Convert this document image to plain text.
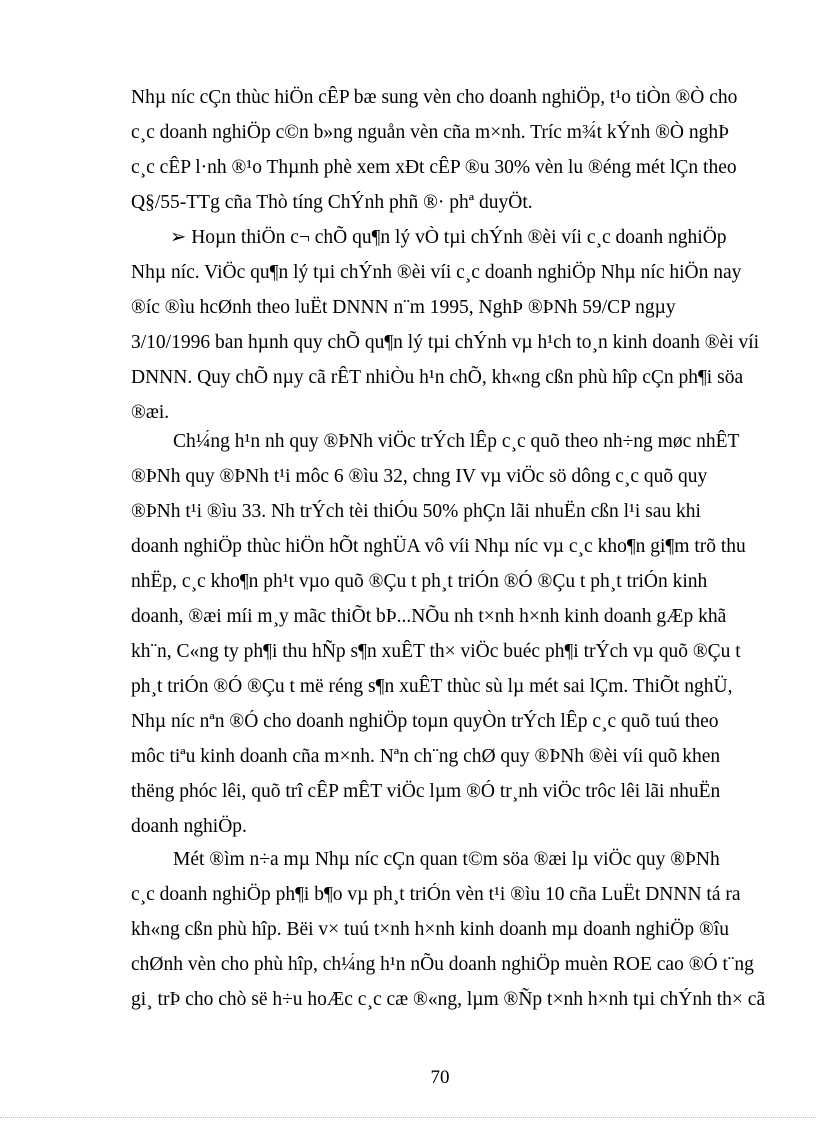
Nhµ níc cÇn thùc hiÖn cÊP bæ sung vèn cho doanh nghiÖp, t¹o tiÒn ®Ò cho
c¸c doanh nghiÖp c©n b»ng nguån vèn cña m×nh. Tríc m¾́t kÝnh ®Ò nghÞ
c¸c cÊP l·nh ®¹o Thµnh phè xem xÐt cÊP ®u 30% vèn lu ®éng mét lÇn theo
Q§/55-TTg cña Thò tíng ChÝnh phñ ®· phª duyÖt.
➢ Hoµn thiÖn c¬ chÕ qu¶n lý vÒ tµi chÝnh ®èi víi c¸c doanh nghiÖp
Nhµ níc. ViÖc qu¶n lý tµi chÝnh ®èi víi c¸c doanh nghiÖp Nhµ níc hiÖn nay
®íc ®ìu hcØnh theo luËt DNNN n¨m 1995, NghÞ ®ÞNh 59/CP ngµy
3/10/1996 ban hµnh quy chÕ qu¶n lý tµi chÝnh vµ h¹ch to¸n kinh doanh ®èi víi
DNNN. Quy chÕ nµy cã rÊT nhiÒu h¹n chÕ, kh«ng cßn phù hîp cÇn ph¶i söa
®æi.
Ch¼́ng h¹n nh quy ®ÞNh viÖc trÝch lÊp c¸c quõ theo nh÷ng møc nhÊT
®ÞNh quy ®ÞNh t¹i môc 6 ®ìu 32, chng IV vµ viÖc sö dông c¸c quõ quy
®ÞNh t¹i ®ìu 33. Nh trÝch tèi thiÓu 50% phÇn lãi nhuËn cßn l¹i sau khi
doanh nghiÖp thùc hiÖn hÕt nghÜA vô víi Nhµ níc vµ c¸c kho¶n gi¶m trõ thu
nhËp, c¸c kho¶n ph¹t vµo quõ ®Çu t ph¸t triÓn ®Ó ®Çu t ph¸t triÓn kinh
doanh, ®æi míi m¸y mãc thiÕt bÞ...NÕu nh t×nh h×nh kinh doanh gÆp khã
kh¨n, C«ng ty ph¶i thu hÑp s¶n xuÊT th× viÖc buéc ph¶i trÝch vµ quõ ®Çu t
ph¸t triÓn ®Ó ®Çu t më réng s¶n xuÊT thùc sù lµ mét sai lÇm. ThiÕt nghÜ,
Nhµ níc nªn ®Ó cho doanh nghiÖp toµn quyÒn trÝch lÊp c¸c quõ tuú theo
môc tiªu kinh doanh cña m×nh. Nªn ch¨ng chØ quy ®ÞNh ®èi víi quõ khen
thëng phóc lêi, quõ trî cÊP mÊT viÖc lµm ®Ó tr¸nh viÖc trôc lêi lãi nhuËn
doanh nghiÖp.
Mét ®ìm n÷a mµ Nhµ níc cÇn quan t©m söa ®æi lµ viÖc quy ®ÞNh
c¸c doanh nghiÖp ph¶i b¶o vµ ph¸t triÓn vèn t¹i ®ìu 10 cña LuËt DNNN tá ra
kh«ng cßn phù hîp. Bëi v× tuú t×nh h×nh kinh doanh mµ doanh nghiÖp ®îu
chØnh vèn cho phù hîp, ch¼́ng h¹n nÕu doanh nghiÖp muèn ROE cao ®Ó t¨ng
gi¸ trÞ cho chò së h÷u hoÆc c¸c cæ ®«ng, lµm ®Ñp t×nh h×nh tµi chÝnh th× cã
70
